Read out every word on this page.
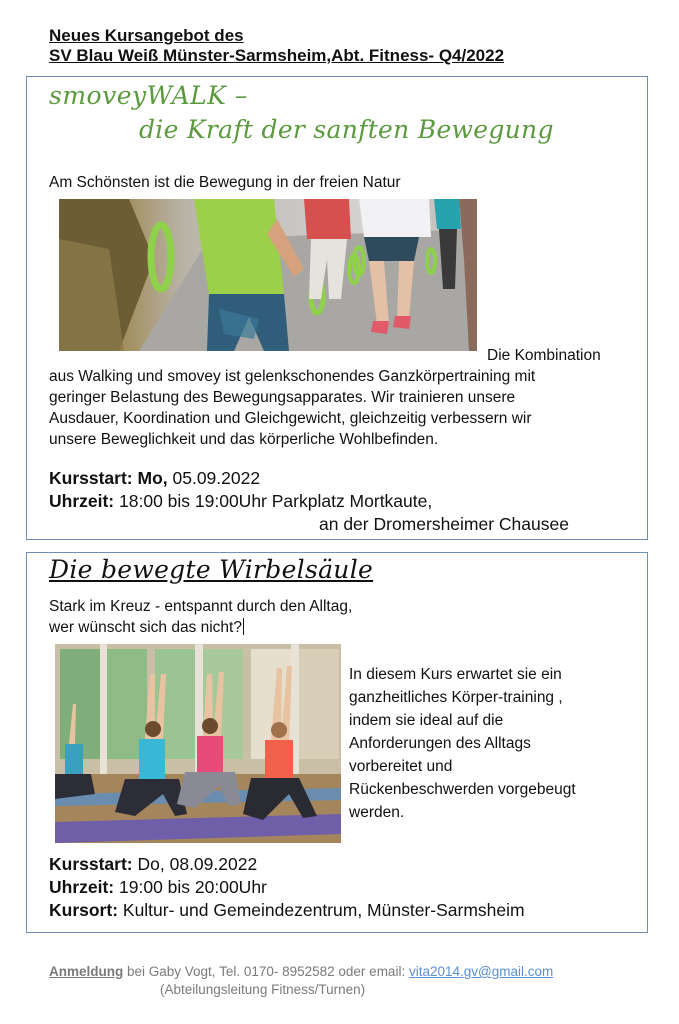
Neues Kursangebot des

SV Blau Weiß Münster-Sarmsheim,Abt. Fitness- Q4/2022

smoveyWALK –

die Kraft der sanften Bewegung

Am Schönsten ist die Bewegung in der freien Natur

Die Kombination

aus Walking und smovey ist gelenkschonendes Ganzkörpertraining mit

geringer Belastung des Bewegungsapparates. Wir trainieren unsere

Ausdauer, Koordination und Gleichgewicht, gleichzeitig verbessern wir

unsere Beweglichkeit und das körperliche Wohlbefinden.

Kursstart: Mo, 05.09.2022

Uhrzeit: 18:00 bis 19:00Uhr Parkplatz Mortkaute,

an der Dromersheimer Chausee

Die bewegte Wirbelsäule

Stark im Kreuz - entspannt durch den Alltag,

wer wünscht sich das nicht?

In diesem Kurs erwartet sie ein

ganzheitliches Körper-training ,

indem sie ideal auf die

Anforderungen des Alltags

vorbereitet und

Rückenbeschwerden vorgebeugt

werden.

Kursstart: Do, 08.09.2022

Uhrzeit: 19:00 bis 20:00Uhr

Kursort: Kultur- und Gemeindezentrum, Münster-Sarmsheim

Anmeldung bei Gaby Vogt, Tel. 0170- 8952582 oder email: vita2014.gv@gmail.com
(Abteilungsleitung Fitness/Turnen)
